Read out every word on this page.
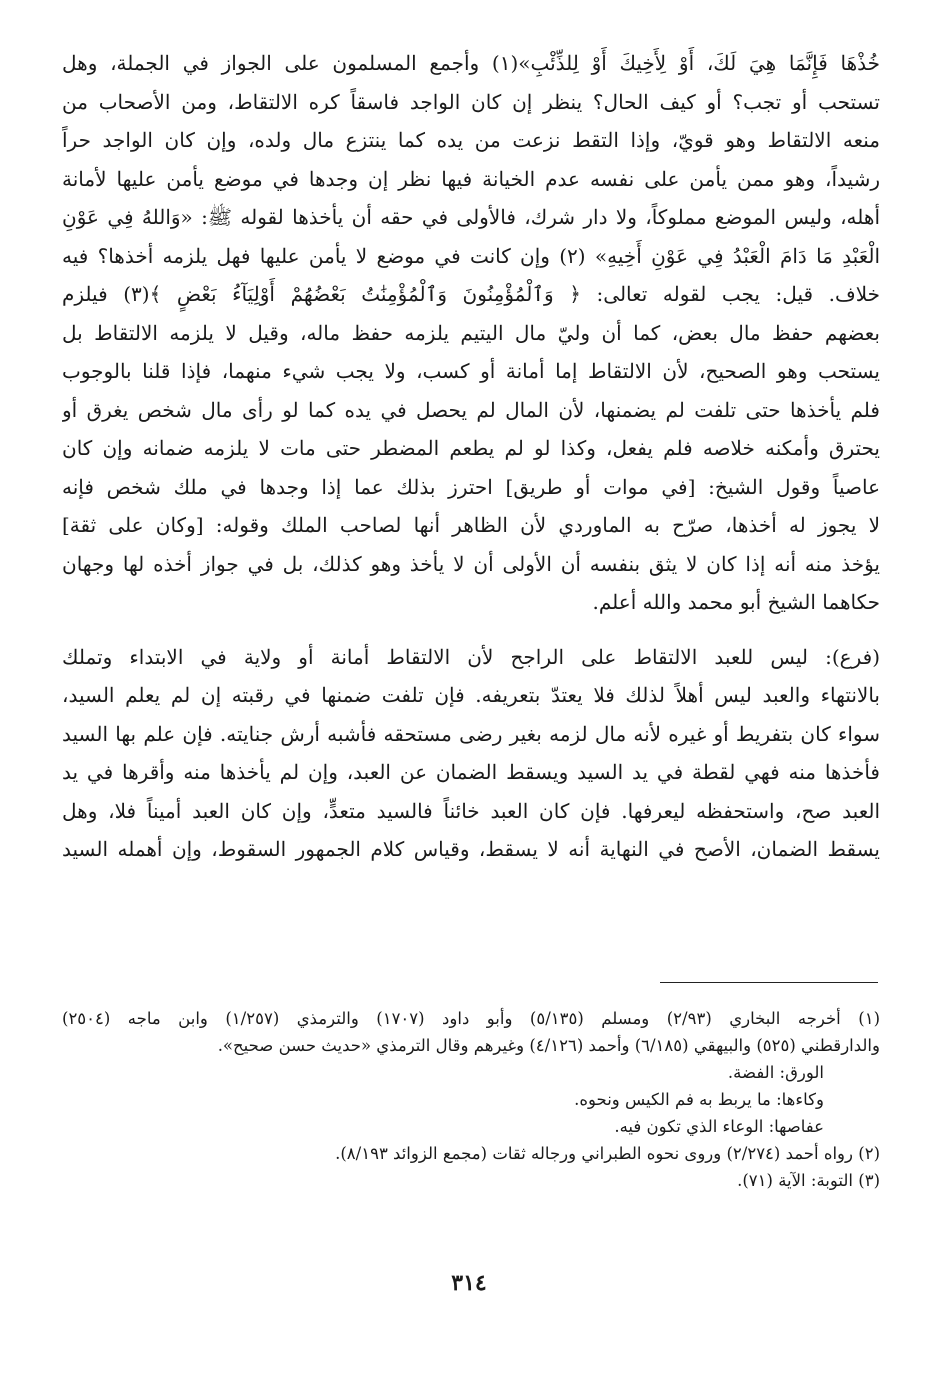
خُذْهَا فَإِنَّمَا هِيَ لَكَ، أَوْ لِأَخِيكَ أَوْ لِلذِّئْبِ»(١) وأجمع المسلمون على الجواز في الجملة، وهل
تستحب أو تجب؟ أو كيف الحال؟ ينظر إن كان الواجد فاسقاً كره الالتقاط، ومن الأصحاب من
منعه الالتقاط وهو قويّ، وإذا التقط نزعت من يده كما ينتزع مال ولده، وإن كان الواجد حراً
رشيداً، وهو ممن يأمن على نفسه عدم الخيانة فيها نظر إن وجدها في موضع يأمن عليها لأمانة
أهله، وليس الموضع مملوكاً، ولا دار شرك، فالأولى في حقه أن يأخذها لقوله ﷺ: «وَاللهُ فِي عَوْنِ
الْعَبْدِ مَا دَامَ الْعَبْدُ فِي عَوْنِ أَخِيهِ» (٢) وإن كانت في موضع لا يأمن عليها فهل يلزمه أخذها؟ فيه
خلاف. قيل: يجب لقوله تعالى: ﴿ وَٱلْمُؤْمِنُونَ وَٱلْمُؤْمِنَٰتُ بَعْضُهُمْ أَوْلِيَآءُ بَعْضٍ ﴾(٣) فيلزم
بعضهم حفظ مال بعض، كما أن وليّ مال اليتيم يلزمه حفظ ماله، وقيل لا يلزمه الالتقاط بل
يستحب وهو الصحيح، لأن الالتقاط إما أمانة أو كسب، ولا يجب شيء منهما، فإذا قلنا بالوجوب
فلم يأخذها حتى تلفت لم يضمنها، لأن المال لم يحصل في يده كما لو رأى مال شخص يغرق أو
يحترق وأمكنه خلاصه فلم يفعل، وكذا لو لم يطعم المضطر حتى مات لا يلزمه ضمانه وإن كان
عاصياً وقول الشيخ: [في موات أو طريق] احترز بذلك عما إذا وجدها في ملك شخص فإنه
لا يجوز له أخذها، صرّح به الماوردي لأن الظاهر أنها لصاحب الملك وقوله: [وكان على ثقة]
يؤخذ منه أنه إذا كان لا يثق بنفسه أن الأولى أن لا يأخذ وهو كذلك، بل في جواز أخذه لها وجهان
حكاهما الشيخ أبو محمد والله أعلم.
(فرع): ليس للعبد الالتقاط على الراجح لأن الالتقاط أمانة أو ولاية في الابتداء وتملك
بالانتهاء والعبد ليس أهلاً لذلك فلا يعتدّ بتعريفه. فإن تلفت ضمنها في رقبته إن لم يعلم السيد،
سواء كان بتفريط أو غيره لأنه مال لزمه بغير رضى مستحقه فأشبه أرش جنايته. فإن علم بها السيد
فأخذها منه فهي لقطة في يد السيد ويسقط الضمان عن العبد، وإن لم يأخذها منه وأقرها في يد
العبد صح، واستحفظه ليعرفها. فإن كان العبد خائناً فالسيد متعدٍّ، وإن كان العبد أميناً فلا، وهل
يسقط الضمان، الأصح في النهاية أنه لا يسقط، وقياس كلام الجمهور السقوط، وإن أهمله السيد
(١) أخرجه البخاري (٢/٩٣) ومسلم (٥/١٣٥) وأبو داود (١٧٠٧) والترمذي (١/٢٥٧) وابن ماجه (٢٥٠٤)
والدارقطني (٥٢٥) والبيهقي (٦/١٨٥) وأحمد (٤/١٢٦) وغيرهم وقال الترمذي «حديث حسن صحيح».
الورق: الفضة.
وكاءها: ما يربط به فم الكيس ونحوه.
عفاصها: الوعاء الذي تكون فيه.
(٢) رواه أحمد (٢/٢٧٤) وروى نحوه الطبراني ورجاله ثقات (مجمع الزوائد ٨/١٩٣).
(٣) التوبة: الآية (٧١).
٣١٤
